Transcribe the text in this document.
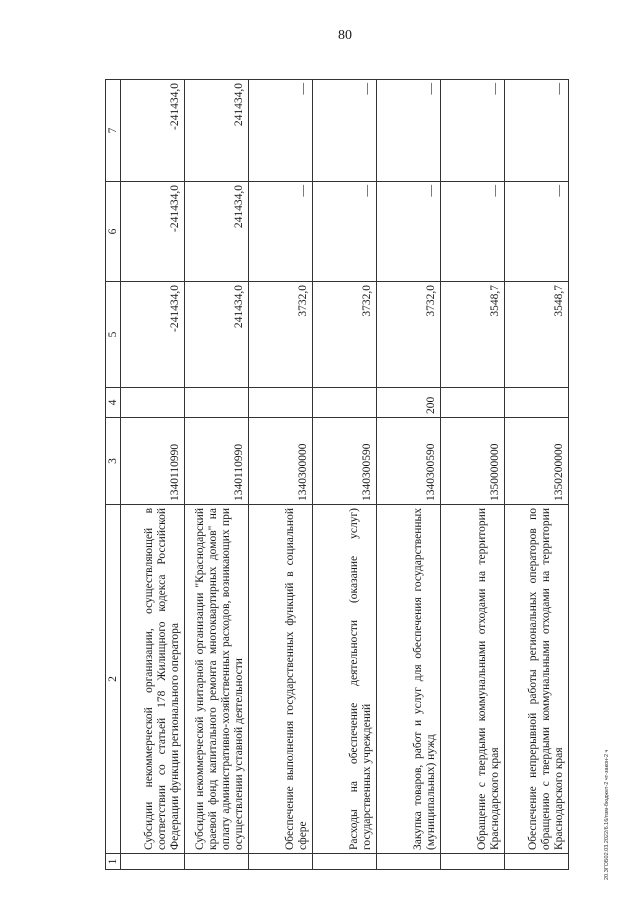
80
20.ЗГОБ02.03.2022/6.16/пзм-бюджет-2 чт-закон-2 ч
1	2	3	4	5	6	7
	Субсидии некоммерческой организации, осуществляющей в соответствии со статьей 178 Жилищного кодекса Российской Федерации функции регионального оператора	1340110990		-241434,0	-241434,0	-241434,0
	Субсидии некоммерческой унитарной организации "Краснодарский краевой фонд капитального ремонта многоквартирных домов" на оплату административно-хозяйственных расходов, возникающих при осуществлении уставной деятельности	1340110990		241434,0	241434,0	241434,0
	Обеспечение выполнения государственных функций в социальной сфере	1340300000		3732,0	—	—
	Расходы на обеспечение деятельности (оказание услуг) государственных учреждений	1340300590		3732,0	—	—
	Закупка товаров, работ и услуг для обеспечения государственных (муниципальных) нужд	1340300590	200	3732,0	—	—
	Обращение с твердыми коммунальными отходами на территории Краснодарского края	1350000000		3548,7	—	—
	Обеспечение непрерывной работы региональных операторов по обращению с твердыми коммунальными отходами на территории Краснодарского края	1350200000		3548,7	—	—
